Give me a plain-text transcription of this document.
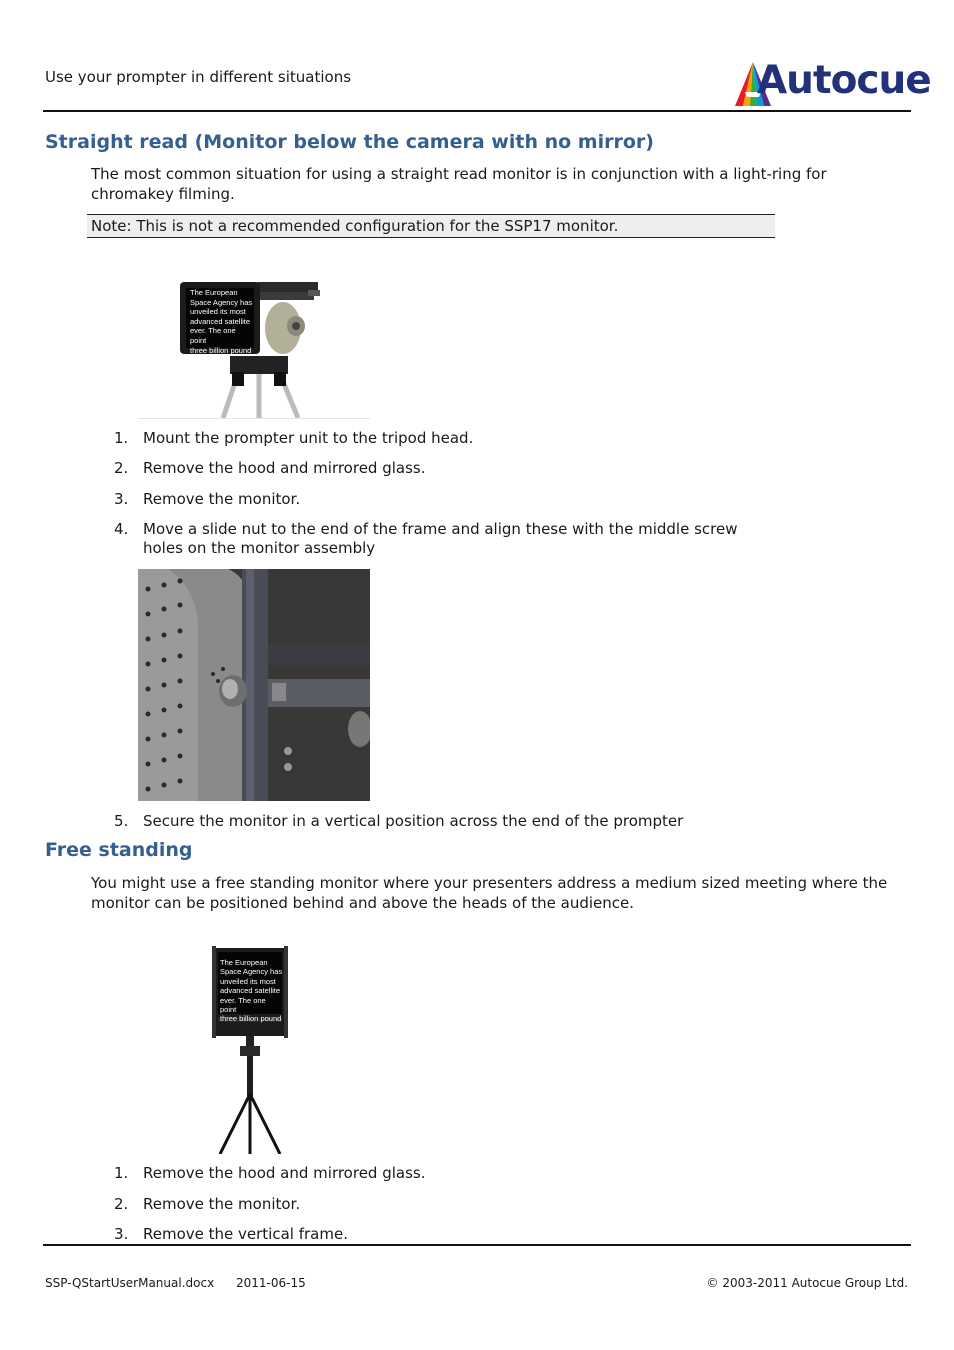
Use your prompter in different situations	Autocue
Straight read (Monitor below the camera with no mirror)
The most common situation for using a straight read monitor is in conjunction with a light-ring for chromakey filming.
Note: This is not a recommended configuration for the SSP17 monitor.
The European
Space Agency has
unveiled its most
advanced satellite
ever. The one point
three billion pound
1. Mount the prompter unit to the tripod head.
2. Remove the hood and mirrored glass.
3. Remove the monitor.
4. Move a slide nut to the end of the frame and align these with the middle screw
holes on the monitor assembly
5. Secure the monitor in a vertical position across the end of the prompter
Free standing
You might use a free standing monitor where your presenters address a medium sized meeting where the monitor can be positioned behind and above the heads of the audience.
The European
Space Agency has
unveiled its most
advanced satellite
ever. The one point
three billion pound
1. Remove the hood and mirrored glass.
2. Remove the monitor.
3. Remove the vertical frame.
SSP-QStartUserManual.docx 2011-06-15	© 2003-2011 Autocue Group Ltd.
